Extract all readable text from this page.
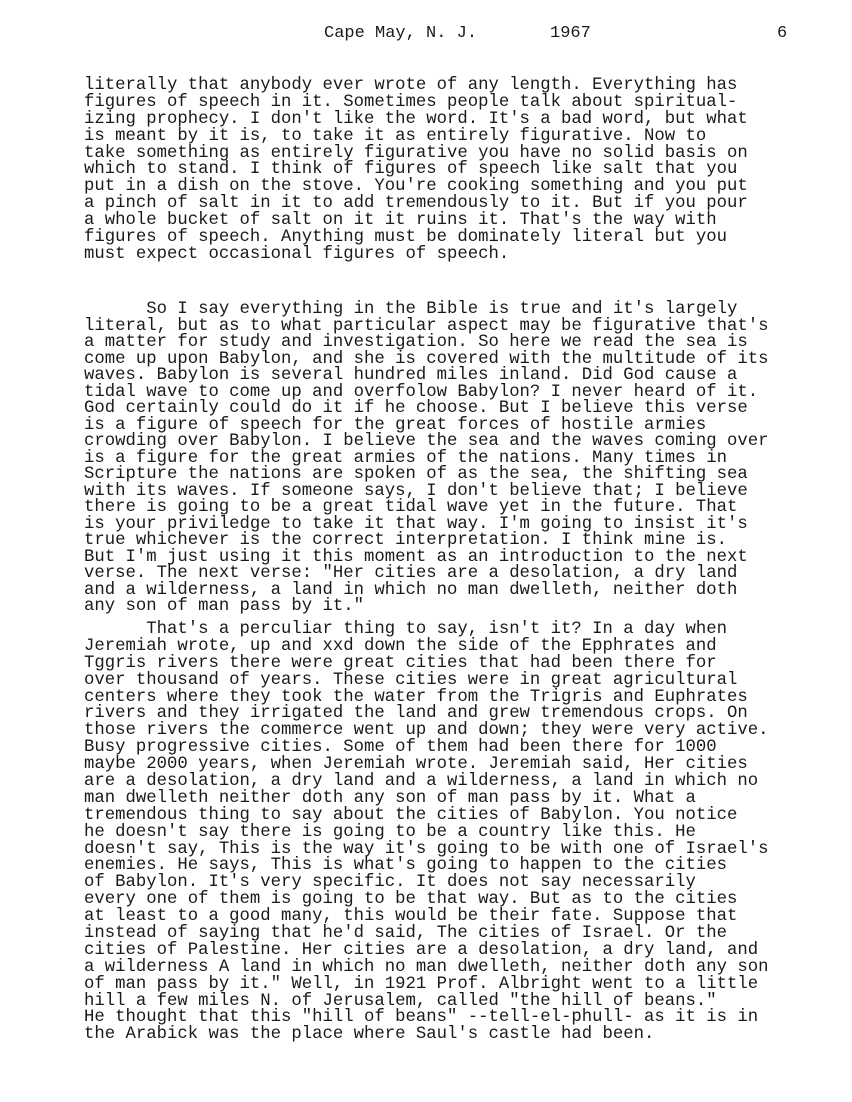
Cape May, N. J.	1967	6
literally that anybody ever wrote of any length. Everything has
figures of speech in it. Sometimes people talk about spiritual-
izing prophecy. I don't like the word. It's a bad word, but what
is meant by it is, to take it as entirely figurative. Now to
take something as entirely figurative you have no solid basis on
which to stand. I think of figures of speech like salt that you
put in a dish on the stove. You're cooking something and you put
a pinch of salt in it to add tremendously to it. But if you pour
a whole bucket of salt on it it ruins it. That's the way with
figures of speech. Anything must be dominately literal but you
must expect occasional figures of speech.
So I say everything in the Bible is true and it's largely
literal, but as to what particular aspect may be figurative that's
a matter for study and investigation. So here we read the sea is
come up upon Babylon, and she is covered with the multitude of its
waves. Babylon is several hundred miles inland. Did God cause a
tidal wave to come up and overfolow Babylon? I never heard of it.
God certainly could do it if he choose. But I believe this verse
is a figure of speech for the great forces of hostile armies
crowding over Babylon. I believe the sea and the waves coming over
is a figure for the great armies of the nations. Many times in
Scripture the nations are spoken of as the sea, the shifting sea
with its waves. If someone says, I don't believe that; I believe
there is going to be a great tidal wave yet in the future. That
is your priviledge to take it that way. I'm going to insist it's
true whichever is the correct interpretation. I think mine is.
But I'm just using it this moment as an introduction to the next
verse. The next verse: "Her cities are a desolation, a dry land
and a wilderness, a land in which no man dwelleth, neither doth
any son of man pass by it."
That's a perculiar thing to say, isn't it? In a day when
Jeremiah wrote, up and xxd down the side of the Epphrates and
Tggris rivers there were great cities that had been there for
over thousand of years. These cities were in great agricultural
centers where they took the water from the Trigris and Euphrates
rivers and they irrigated the land and grew tremendous crops. On
those rivers the commerce went up and down; they were very active.
Busy progressive cities. Some of them had been there for 1000
maybe 2000 years, when Jeremiah wrote. Jeremiah said, Her cities
are a desolation, a dry land and a wilderness, a land in which no
man dwelleth neither doth any son of man pass by it. What a
tremendous thing to say about the cities of Babylon. You notice
he doesn't say there is going to be a country like this. He
doesn't say, This is the way it's going to be with one of Israel's
enemies. He says, This is what's going to happen to the cities
of Babylon. It's very specific. It does not say necessarily
every one of them is going to be that way. But as to the cities
at least to a good many, this would be their fate. Suppose that
instead of saying that he'd said, The cities of Israel. Or the
cities of Palestine. Her cities are a desolation, a dry land, and
a wilderness A land in which no man dwelleth, neither doth any son
of man pass by it." Well, in 1921 Prof. Albright went to a little
hill a few miles N. of Jerusalem, called "the hill of beans."
He thought that this "hill of beans" --tell-el-phull- as it is in
the Arabick was the place where Saul's castle had been.
